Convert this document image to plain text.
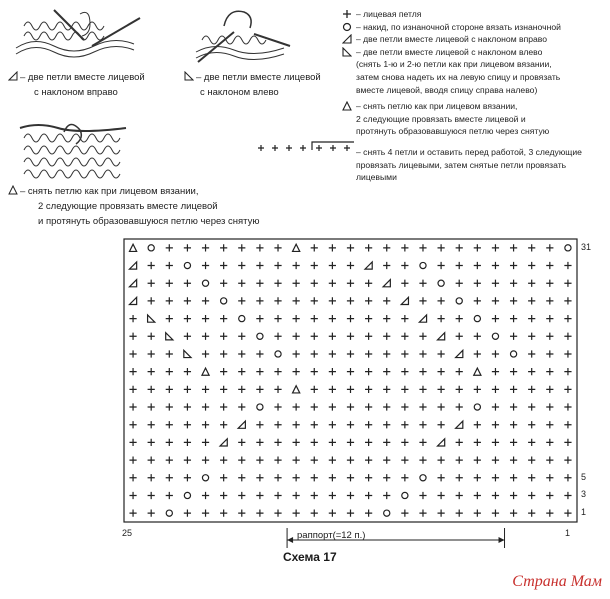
– две петли вместе лицевой
с наклоном вправо
– две петли вместе лицевой
с наклоном влево
– снять петлю как при лицевом вязании,
2 следующие провязать вместе лицевой
и протянуть образовавшуюся петлю через снятую
– лицевая петля
– накид, по изнаночной стороне вязать изнаночной
– две петли вместе лицевой с наклоном вправо
– две петли вместе лицевой с наклоном влево
(снять 1-ю и 2-ю петли как при лицевом вязании,
затем снова надеть их на левую спицу и провязать
вместе лицевой, вводя спицу справа налево)
– снять петлю как при лицевом вязании,
2 следующие провязать вместе лицевой и
протянуть образовавшуюся петлю через снятую
– снять 4 петли и оставить перед работой, 3 следующие
провязать лицевыми, затем снятые петли провязать
лицевыми
раппорт(=12 п.)
25	1
Схема 17
Страна Мам
31
5
3
1
